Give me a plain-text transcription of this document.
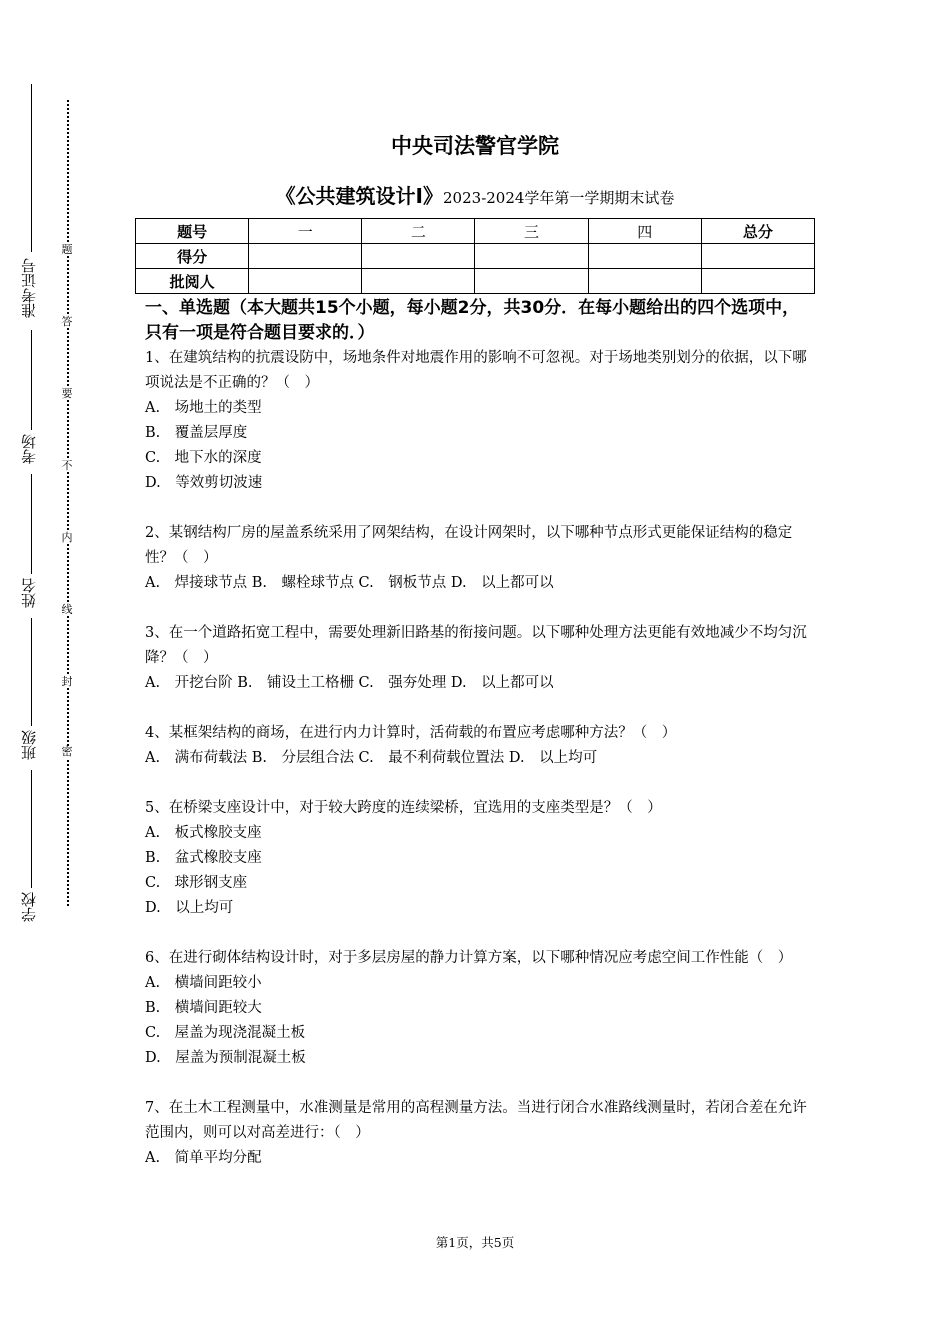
准考证号
考场
姓名
班级
学校
题
答
要
不
内
线
封
密
中央司法警官学院
《公共建筑设计Ⅰ》2023-2024学年第一学期期末试卷
题号	一	二	三	四	总分
得分					
批阅人					
一、单选题（本大题共15个小题，每小题2分，共30分．在每小题给出的四个选项中，只有一项是符合题目要求的．）

1、在建筑结构的抗震设防中，场地条件对地震作用的影响不可忽视。对于场地类别划分的依据，以下哪项说法是不正确的？（　）

A.　场地土的类型

B.　覆盖层厚度

C.　地下水的深度

D.　等效剪切波速

2、某钢结构厂房的屋盖系统采用了网架结构，在设计网架时，以下哪种节点形式更能保证结构的稳定性？（　）

A.　焊接球节点 B.　螺栓球节点 C.　钢板节点 D.　以上都可以

3、在一个道路拓宽工程中，需要处理新旧路基的衔接问题。以下哪种处理方法更能有效地减少不均匀沉降？（　）

A.　开挖台阶 B.　铺设土工格栅 C.　强夯处理 D.　以上都可以

4、某框架结构的商场，在进行内力计算时，活荷载的布置应考虑哪种方法？（　）

A.　满布荷载法 B.　分层组合法 C.　最不利荷载位置法 D.　以上均可

5、在桥梁支座设计中，对于较大跨度的连续梁桥，宜选用的支座类型是？（　）

A.　板式橡胶支座

B.　盆式橡胶支座

C.　球形钢支座

D.　以上均可

6、在进行砌体结构设计时，对于多层房屋的静力计算方案，以下哪种情况应考虑空间工作性能（　）

A.　横墙间距较小

B.　横墙间距较大

C.　屋盖为现浇混凝土板

D.　屋盖为预制混凝土板

7、在土木工程测量中，水准测量是常用的高程测量方法。当进行闭合水准路线测量时，若闭合差在允许范围内，则可以对高差进行：（　）

A.　简单平均分配

第1页，共5页
